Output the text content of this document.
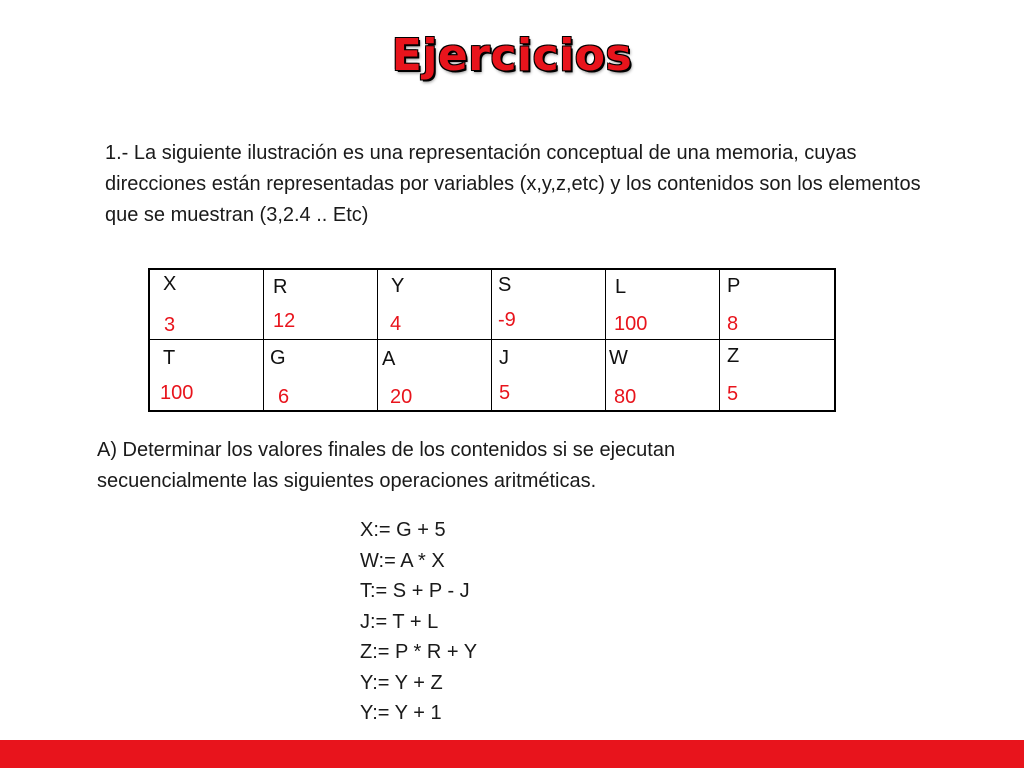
Ejercicios
1.- La siguiente ilustración es una representación conceptual de una memoria, cuyas direcciones están representadas por variables (x,y,z,etc) y los contenidos son los elementos que se muestran (3,2.4 .. Etc)
X
3
R
12
Y
4
S
-9
L
100
P
8
T
100
G
6
A
20
J
5
W
80
Z
5
A) Determinar los valores finales de los contenidos si se ejecutan secuencialmente las siguientes operaciones aritméticas.
X:= G + 5
W:= A * X
T:= S + P - J
J:= T + L
Z:= P * R + Y
Y:= Y + Z
Y:= Y + 1
